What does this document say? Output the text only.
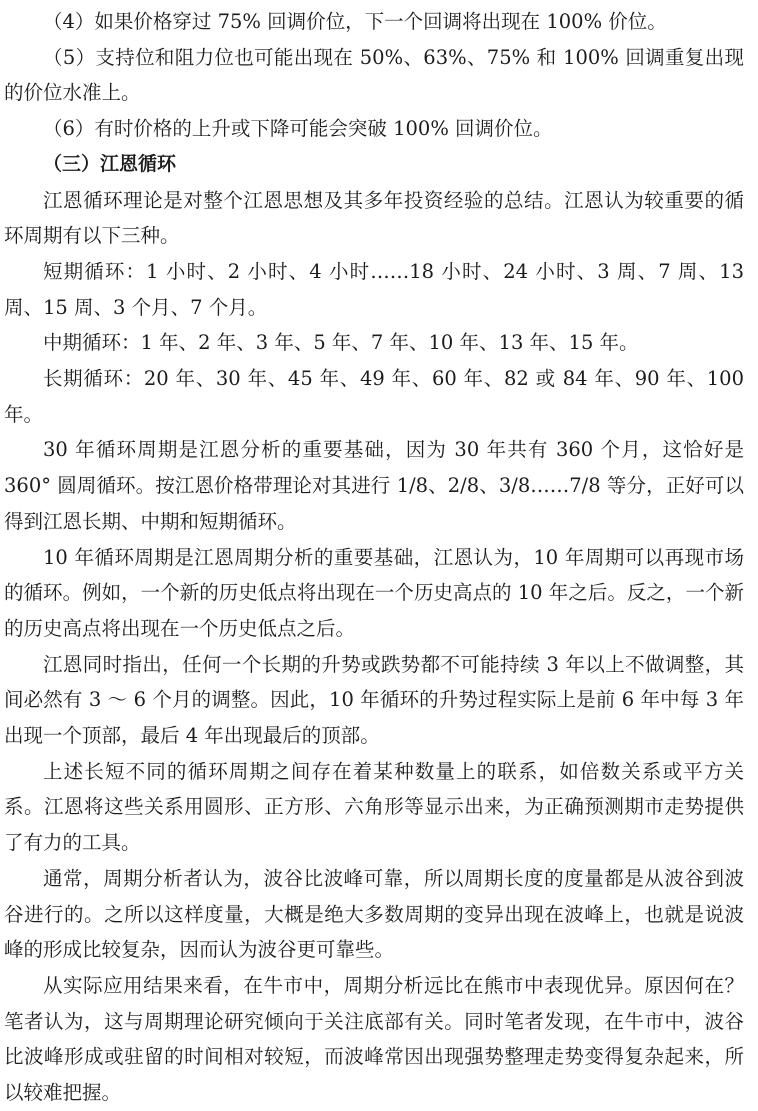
（4）如果价格穿过 75% 回调价位，下一个回调将出现在 100% 价位。

（5）支持位和阻力位也可能出现在 50%、63%、75% 和 100% 回调重复出现的价位水准上。

（6）有时价格的上升或下降可能会突破 100% 回调价位。

（三）江恩循环

江恩循环理论是对整个江恩思想及其多年投资经验的总结。江恩认为较重要的循环周期有以下三种。

短期循环：1 小时、2 小时、4 小时……18 小时、24 小时、3 周、7 周、13 周、15 周、3 个月、7 个月。

中期循环：1 年、2 年、3 年、5 年、7 年、10 年、13 年、15 年。

长期循环：20 年、30 年、45 年、49 年、60 年、82 或 84 年、90 年、100 年。

30 年循环周期是江恩分析的重要基础，因为 30 年共有 360 个月，这恰好是 360° 圆周循环。按江恩价格带理论对其进行 1/8、2/8、3/8……7/8 等分，正好可以得到江恩长期、中期和短期循环。

10 年循环周期是江恩周期分析的重要基础，江恩认为，10 年周期可以再现市场的循环。例如，一个新的历史低点将出现在一个历史高点的 10 年之后。反之，一个新的历史高点将出现在一个历史低点之后。

江恩同时指出，任何一个长期的升势或跌势都不可能持续 3 年以上不做调整，其间必然有 3 ～ 6 个月的调整。因此，10 年循环的升势过程实际上是前 6 年中每 3 年出现一个顶部，最后 4 年出现最后的顶部。

上述长短不同的循环周期之间存在着某种数量上的联系，如倍数关系或平方关系。江恩将这些关系用圆形、正方形、六角形等显示出来，为正确预测期市走势提供了有力的工具。

通常，周期分析者认为，波谷比波峰可靠，所以周期长度的度量都是从波谷到波谷进行的。之所以这样度量，大概是绝大多数周期的变异出现在波峰上，也就是说波峰的形成比较复杂，因而认为波谷更可靠些。

从实际应用结果来看，在牛市中，周期分析远比在熊市中表现优异。原因何在？笔者认为，这与周期理论研究倾向于关注底部有关。同时笔者发现，在牛市中，波谷比波峰形成或驻留的时间相对较短，而波峰常因出现强势整理走势变得复杂起来，所以较难把握。
